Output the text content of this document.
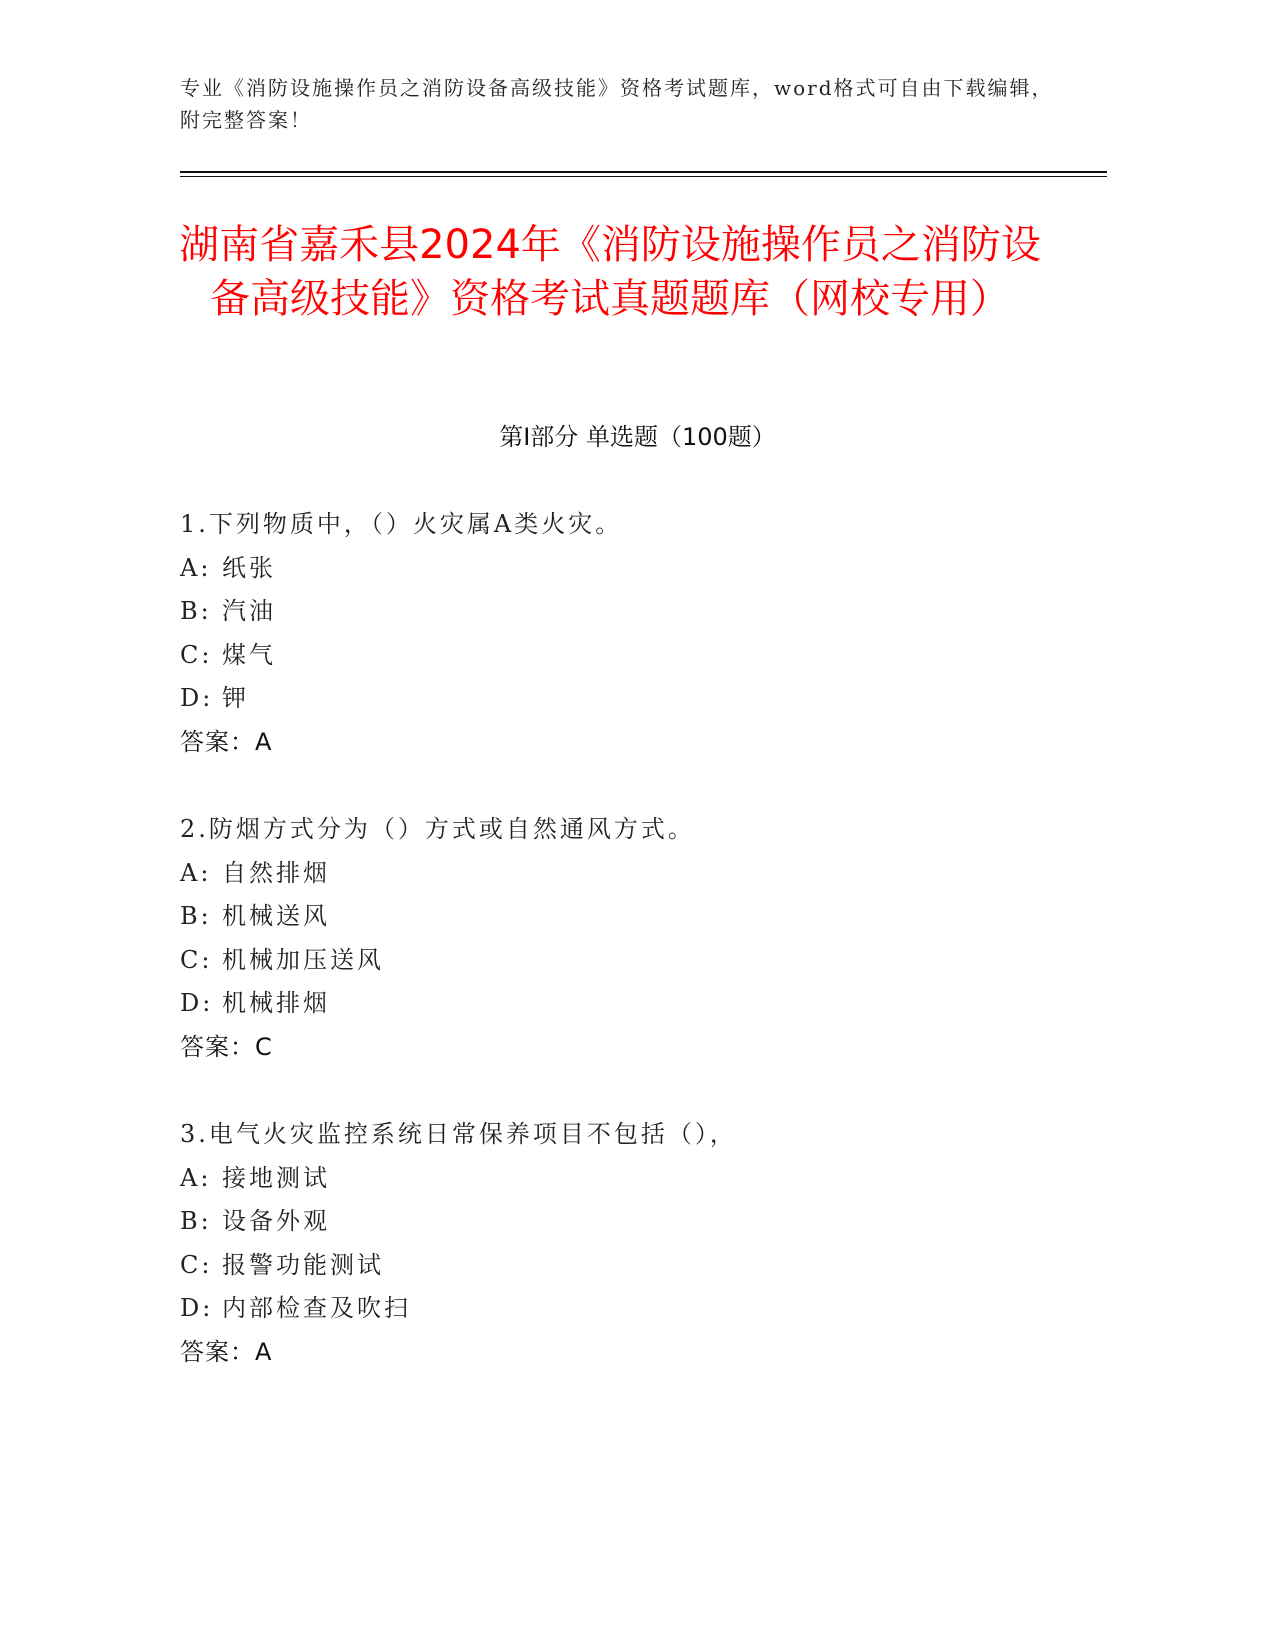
专业《消防设施操作员之消防设备高级技能》资格考试题库，word格式可自由下载编辑，附完整答案！
湖南省嘉禾县2024年《消防设施操作员之消防设备高级技能》资格考试真题题库（网校专用）
第I部分 单选题（100题）
1.下列物质中，（）火灾属A类火灾。
A: 纸张
B: 汽油
C: 煤气
D: 钾
答案：A
2.防烟方式分为（）方式或自然通风方式。
A: 自然排烟
B: 机械送风
C: 机械加压送风
D: 机械排烟
答案：C
3.电气火灾监控系统日常保养项目不包括（），
A: 接地测试
B: 设备外观
C: 报警功能测试
D: 内部检查及吹扫
答案：A
